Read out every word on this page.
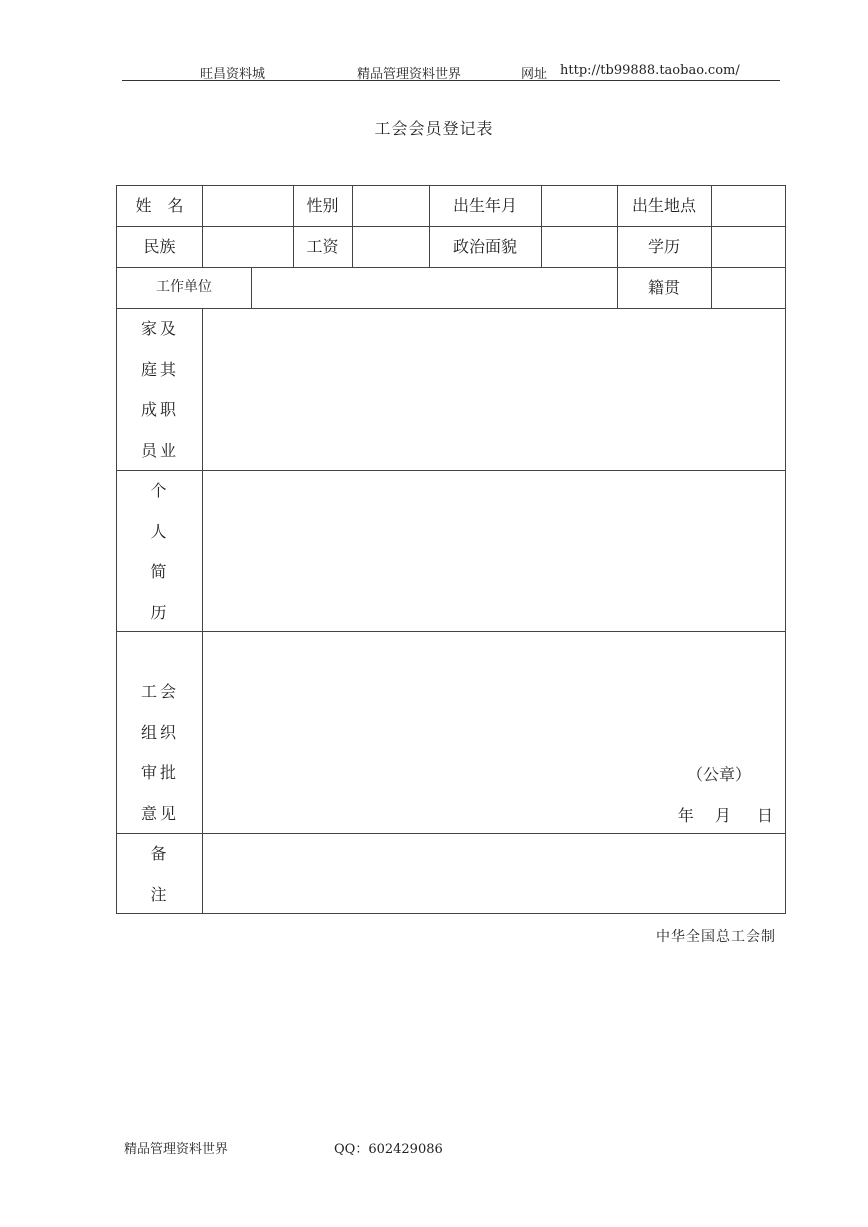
旺昌资料城	精品管理资料世界	网址 http://tb99888.taobao.com/
工会会员登记表
姓　名	性别	出生年月	出生地点
民族	工资	政治面貌	学历
工作单位	籍贯
家及
庭其
成职
员业
个
人
简
历
工会
组织
审批
意见
（公章）
年　 月　  日
备
注
中华全国总工会制
精品管理资料世界	QQ：602429086
